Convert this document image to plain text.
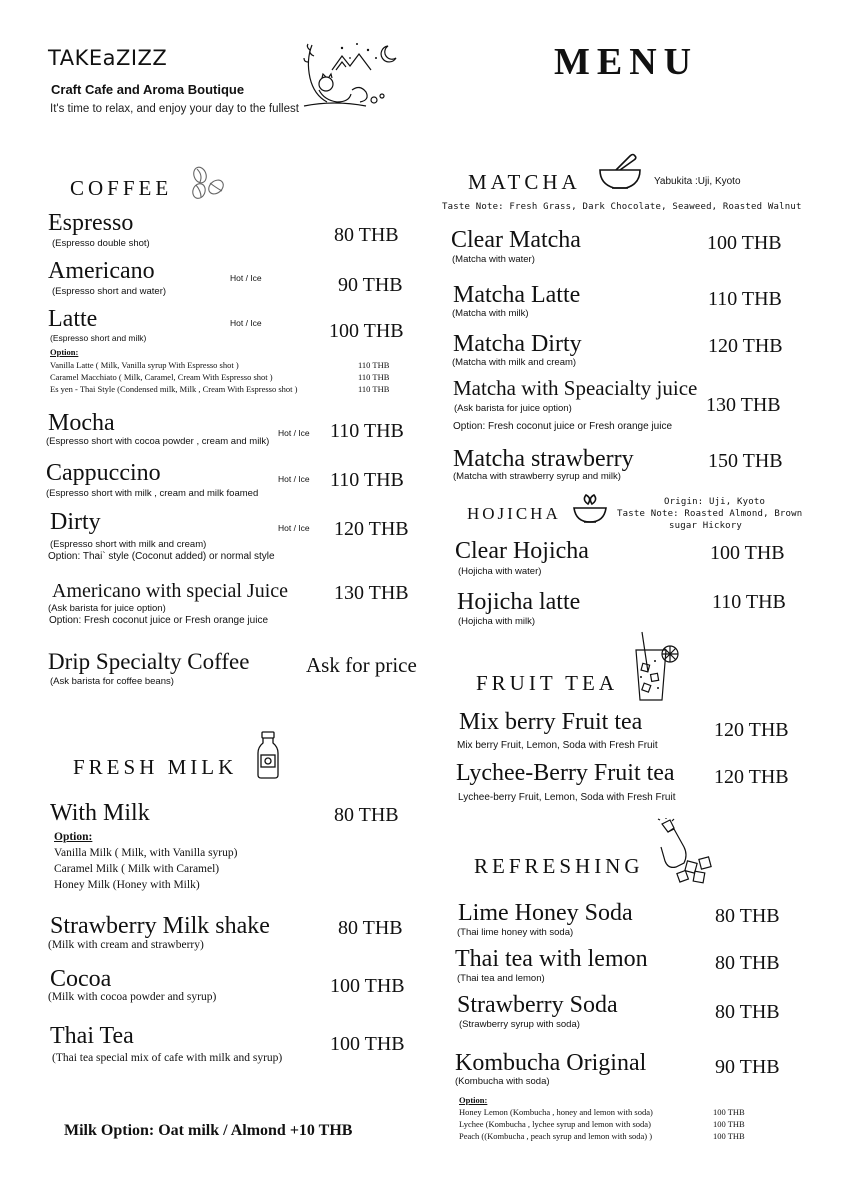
TAKEaZIZZ
Craft Cafe and Aroma Boutique
It's time to relax, and enjoy your day to the fullest
MENU
COFFEE
Espresso
(Espresso double shot)	80 THB
Americano	Hot / Ice
(Espresso short and water)	90 THB
Latte	Hot / Ice
(Espresso short and milk)	100 THB
Option:
Vanilla Latte ( Milk, Vanilla syrup With Espresso shot )	110 THB
Caramel Macchiato ( Milk, Caramel, Cream With Espresso shot )	110 THB
Es yen - Thai Style (Condensed milk, Milk , Cream With Espresso shot )	110 THB
Mocha	Hot / Ice
(Espresso short with cocoa powder , cream and milk)	110 THB
Cappuccino	Hot / Ice
(Espresso short with milk , cream and milk foamed
110 THB
Dirty	Hot / Ice
(Espresso short with milk and cream)
Option: Thai` style (Coconut added) or normal style
120 THB
Americano with special Juice
(Ask barista for juice option)
Option: Fresh coconut juice or Fresh orange juice
130 THB
Drip Specialty Coffee
(Ask barista for coffee beans)
Ask for price
FRESH MILK
With Milk	80 THB
Option:
Vanilla Milk ( Milk, with Vanilla syrup)
Caramel Milk ( Milk with Caramel)
Honey Milk (Honey with Milk)
Strawberry Milk shake
(Milk with cream and strawberry)
80 THB
Cocoa
(Milk with cocoa powder and syrup)	100 THB
Thai Tea
(Thai tea special mix of cafe with milk and syrup)
100 THB
Milk Option: Oat milk / Almond +10 THB
MATCHA	Yabukita :Uji, Kyoto
Taste Note: Fresh Grass, Dark Chocolate, Seaweed, Roasted Walnut
Clear Matcha
(Matcha with water)
100 THB
Matcha Latte
(Matcha with milk)
110 THB
Matcha Dirty
(Matcha with milk and cream)
120 THB
Matcha with Speacialty juice
(Ask barista for juice option)
Option: Fresh coconut juice or Fresh orange juice
130 THB
Matcha strawberry
(Matcha with strawberry syrup and milk)
150 THB
HOJICHA
Origin: Uji, Kyoto
Taste Note: Roasted Almond, Brown
sugar Hickory
Clear Hojicha
(Hojicha with water)
100 THB
Hojicha latte
(Hojicha with milk)
110 THB
FRUIT TEA
Mix berry Fruit tea
Mix berry Fruit, Lemon, Soda with Fresh Fruit
120 THB
Lychee-Berry Fruit tea
Lychee-berry Fruit, Lemon, Soda with Fresh Fruit
120 THB
REFRESHING
Lime Honey Soda
(Thai lime honey with soda)
80 THB
Thai tea with lemon
(Thai tea and lemon)
80 THB
Strawberry Soda
(Strawberry syrup with soda)
80 THB
Kombucha Original
(Kombucha with soda)
90 THB
Option:
Honey Lemon (Kombucha , honey and lemon with soda)	100 THB
Lychee (Kombucha , lychee syrup and lemon with soda)	100 THB
Peach ((Kombucha , peach syrup and lemon with soda) )	100 THB
